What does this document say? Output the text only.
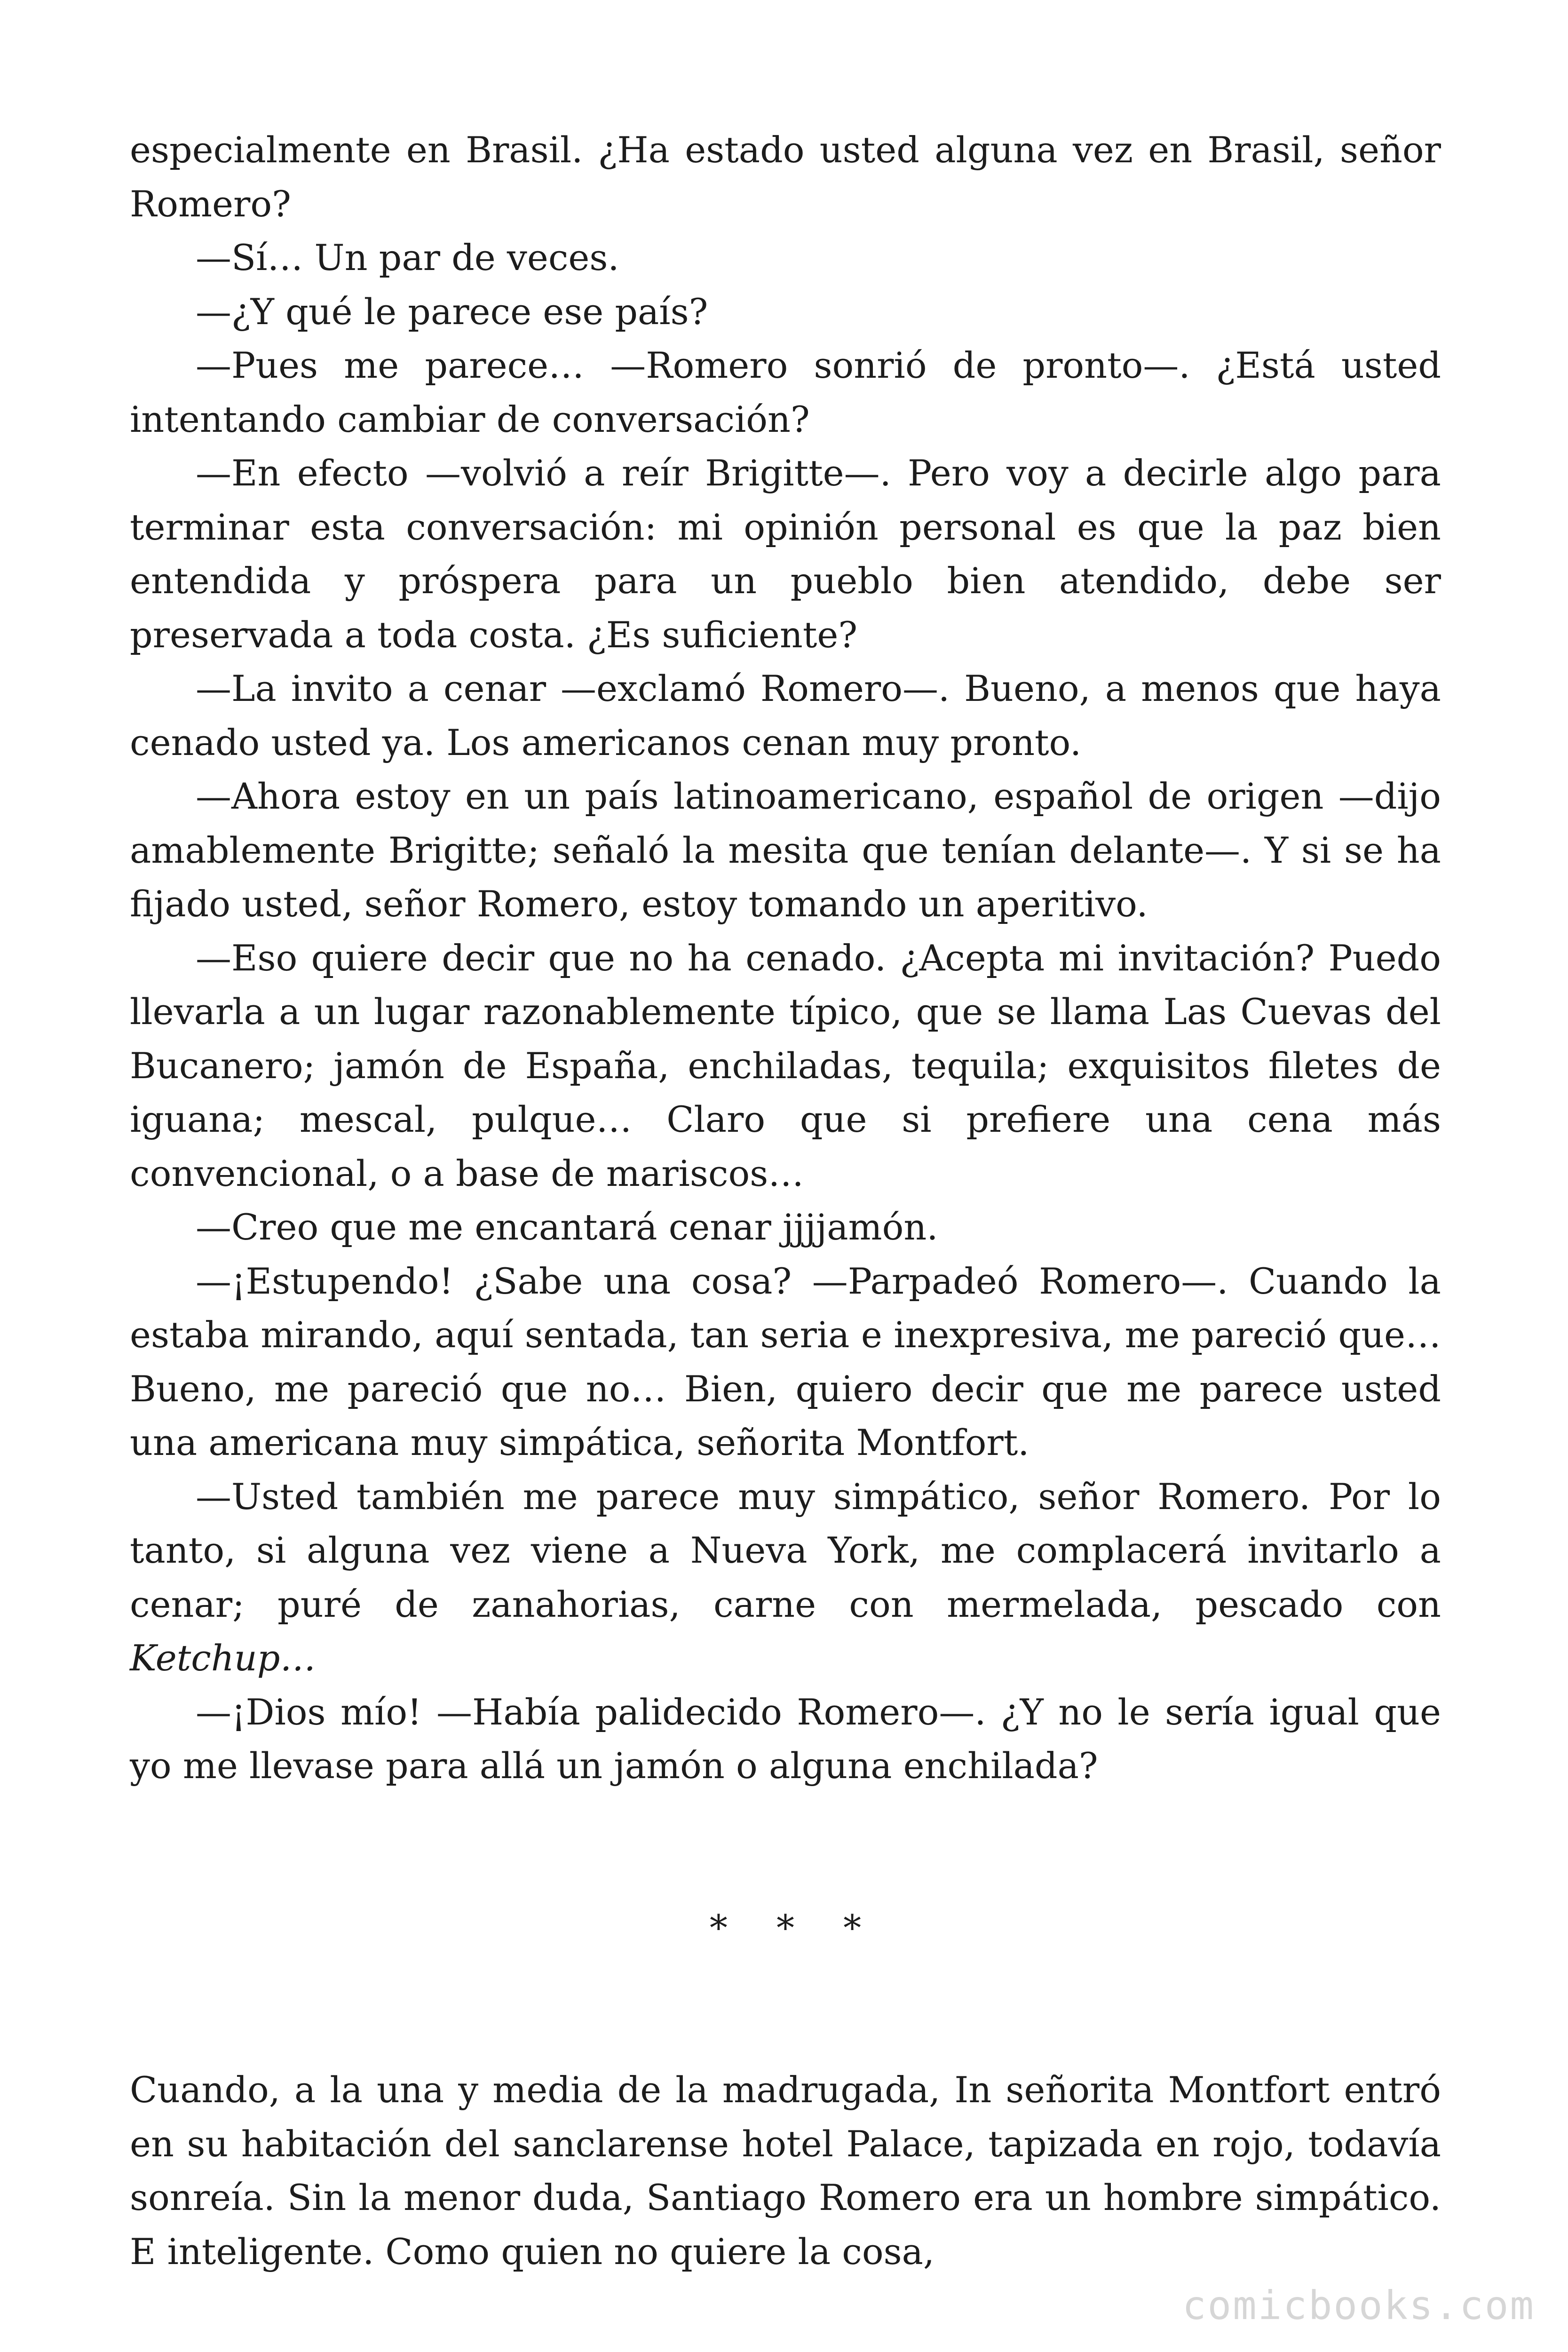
especialmente en Brasil. ¿Ha estado usted alguna vez en Brasil, señor Romero?

—Sí… Un par de veces.

—¿Y qué le parece ese país?

—Pues me parece… —Romero sonrió de pronto—. ¿Está usted intentando cambiar de conversación?

—En efecto —volvió a reír Brigitte—. Pero voy a decirle algo para terminar esta conversación: mi opinión personal es que la paz bien entendida y próspera para un pueblo bien atendido, debe ser preservada a toda costa. ¿Es suficiente?

—La invito a cenar —exclamó Romero—. Bueno, a menos que haya cenado usted ya. Los americanos cenan muy pronto.

—Ahora estoy en un país latinoamericano, español de origen —dijo amablemente Brigitte; señaló la mesita que tenían delante—. Y si se ha fijado usted, señor Romero, estoy tomando un aperitivo.

—Eso quiere decir que no ha cenado. ¿Acepta mi invitación? Puedo llevarla a un lugar razonablemente típico, que se llama Las Cuevas del Bucanero; jamón de España, enchiladas, tequila; exquisitos filetes de iguana; mescal, pulque… Claro que si prefiere una cena más convencional, o a base de mariscos…

—Creo que me encantará cenar jjjjamón.

—¡Estupendo! ¿Sabe una cosa? —Parpadeó Romero—. Cuando la estaba mirando, aquí sentada, tan seria e inexpresiva, me pareció que… Bueno, me pareció que no… Bien, quiero decir que me parece usted una americana muy simpática, señorita Montfort.

—Usted también me parece muy simpático, señor Romero. Por lo tanto, si alguna vez viene a Nueva York, me complacerá invitarlo a cenar; puré de zanahorias, carne con mermelada, pescado con Ketchup…

—¡Dios mío! —Había palidecido Romero—. ¿Y no le sería igual que yo me llevase para allá un jamón o alguna enchilada?

* * *

Cuando, a la una y media de la madrugada, In señorita Montfort entró en su habitación del sanclarense hotel Palace, tapizada en rojo, todavía sonreía. Sin la menor duda, Santiago Romero era un hombre simpático. E inteligente. Como quien no quiere la cosa,

comicbooks.com
